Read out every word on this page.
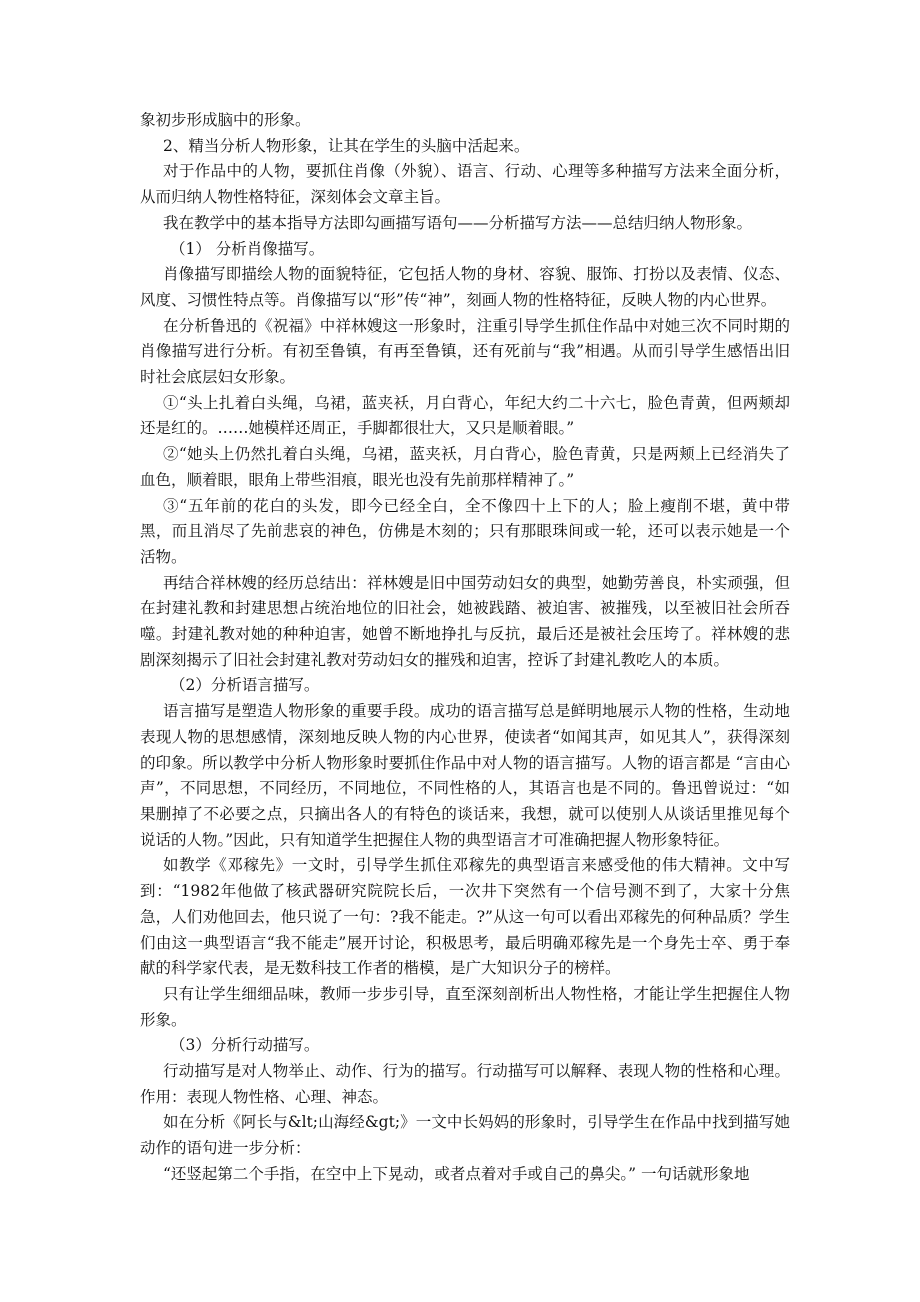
象初步形成脑中的形象。

2、精当分析人物形象，让其在学生的头脑中活起来。

对于作品中的人物，要抓住肖像（外貌）、语言、行动、心理等多种描写方法来全面分析，从而归纳人物性格特征，深刻体会文章主旨。

我在教学中的基本指导方法即勾画描写语句——分析描写方法——总结归纳人物形象。

（1） 分析肖像描写。

肖像描写即描绘人物的面貌特征，它包括人物的身材、容貌、服饰、打扮以及表情、仪态、风度、习惯性特点等。肖像描写以“形”传“神”，刻画人物的性格特征，反映人物的内心世界。

在分析鲁迅的《祝福》中祥林嫂这一形象时，注重引导学生抓住作品中对她三次不同时期的肖像描写进行分析。有初至鲁镇，有再至鲁镇，还有死前与“我”相遇。从而引导学生感悟出旧时社会底层妇女形象。

①“头上扎着白头绳，乌裙，蓝夹袄，月白背心，年纪大约二十六七，脸色青黄，但两颊却还是红的。……她模样还周正，手脚都很壮大，又只是顺着眼。”

②“她头上仍然扎着白头绳，乌裙，蓝夹袄，月白背心，脸色青黄，只是两颊上已经消失了血色，顺着眼，眼角上带些泪痕，眼光也没有先前那样精神了。”

③“五年前的花白的头发，即今已经全白，全不像四十上下的人；脸上瘦削不堪，黄中带黑，而且消尽了先前悲哀的神色，仿佛是木刻的；只有那眼珠间或一轮，还可以表示她是一个活物。

再结合祥林嫂的经历总结出：祥林嫂是旧中国劳动妇女的典型，她勤劳善良，朴实顽强，但在封建礼教和封建思想占统治地位的旧社会，她被践踏、被迫害、被摧残，以至被旧社会所吞噬。封建礼教对她的种种迫害，她曾不断地挣扎与反抗，最后还是被社会压垮了。祥林嫂的悲剧深刻揭示了旧社会封建礼教对劳动妇女的摧残和迫害，控诉了封建礼教吃人的本质。

（2）分析语言描写。

语言描写是塑造人物形象的重要手段。成功的语言描写总是鲜明地展示人物的性格，生动地表现人物的思想感情，深刻地反映人物的内心世界，使读者“如闻其声，如见其人”，获得深刻的印象。所以教学中分析人物形象时要抓住作品中对人物的语言描写。人物的语言都是 “言由心声”，不同思想，不同经历，不同地位，不同性格的人，其语言也是不同的。鲁迅曾说过：“如果删掉了不必要之点，只摘出各人的有特色的谈话来，我想，就可以使别人从谈话里推见每个说话的人物。”因此，只有知道学生把握住人物的典型语言才可准确把握人物形象特征。

如教学《邓稼先》一文时，引导学生抓住邓稼先的典型语言来感受他的伟大精神。文中写到：“1982年他做了核武器研究院院长后，一次井下突然有一个信号测不到了，大家十分焦急，人们劝他回去，他只说了一句：?我不能走。?”从这一句可以看出邓稼先的何种品质？学生们由这一典型语言“我不能走”展开讨论，积极思考，最后明确邓稼先是一个身先士卒、勇于奉献的科学家代表，是无数科技工作者的楷模，是广大知识分子的榜样。

只有让学生细细品味，教师一步步引导，直至深刻剖析出人物性格，才能让学生把握住人物形象。

（3）分析行动描写。

行动描写是对人物举止、动作、行为的描写。行动描写可以解释、表现人物的性格和心理。作用：表现人物性格、心理、神态。

如在分析《阿长与&lt;山海经&gt;》一文中长妈妈的形象时，引导学生在作品中找到描写她动作的语句进一步分析：

“还竖起第二个手指，在空中上下晃动，或者点着对手或自己的鼻尖。” 一句话就形象地
